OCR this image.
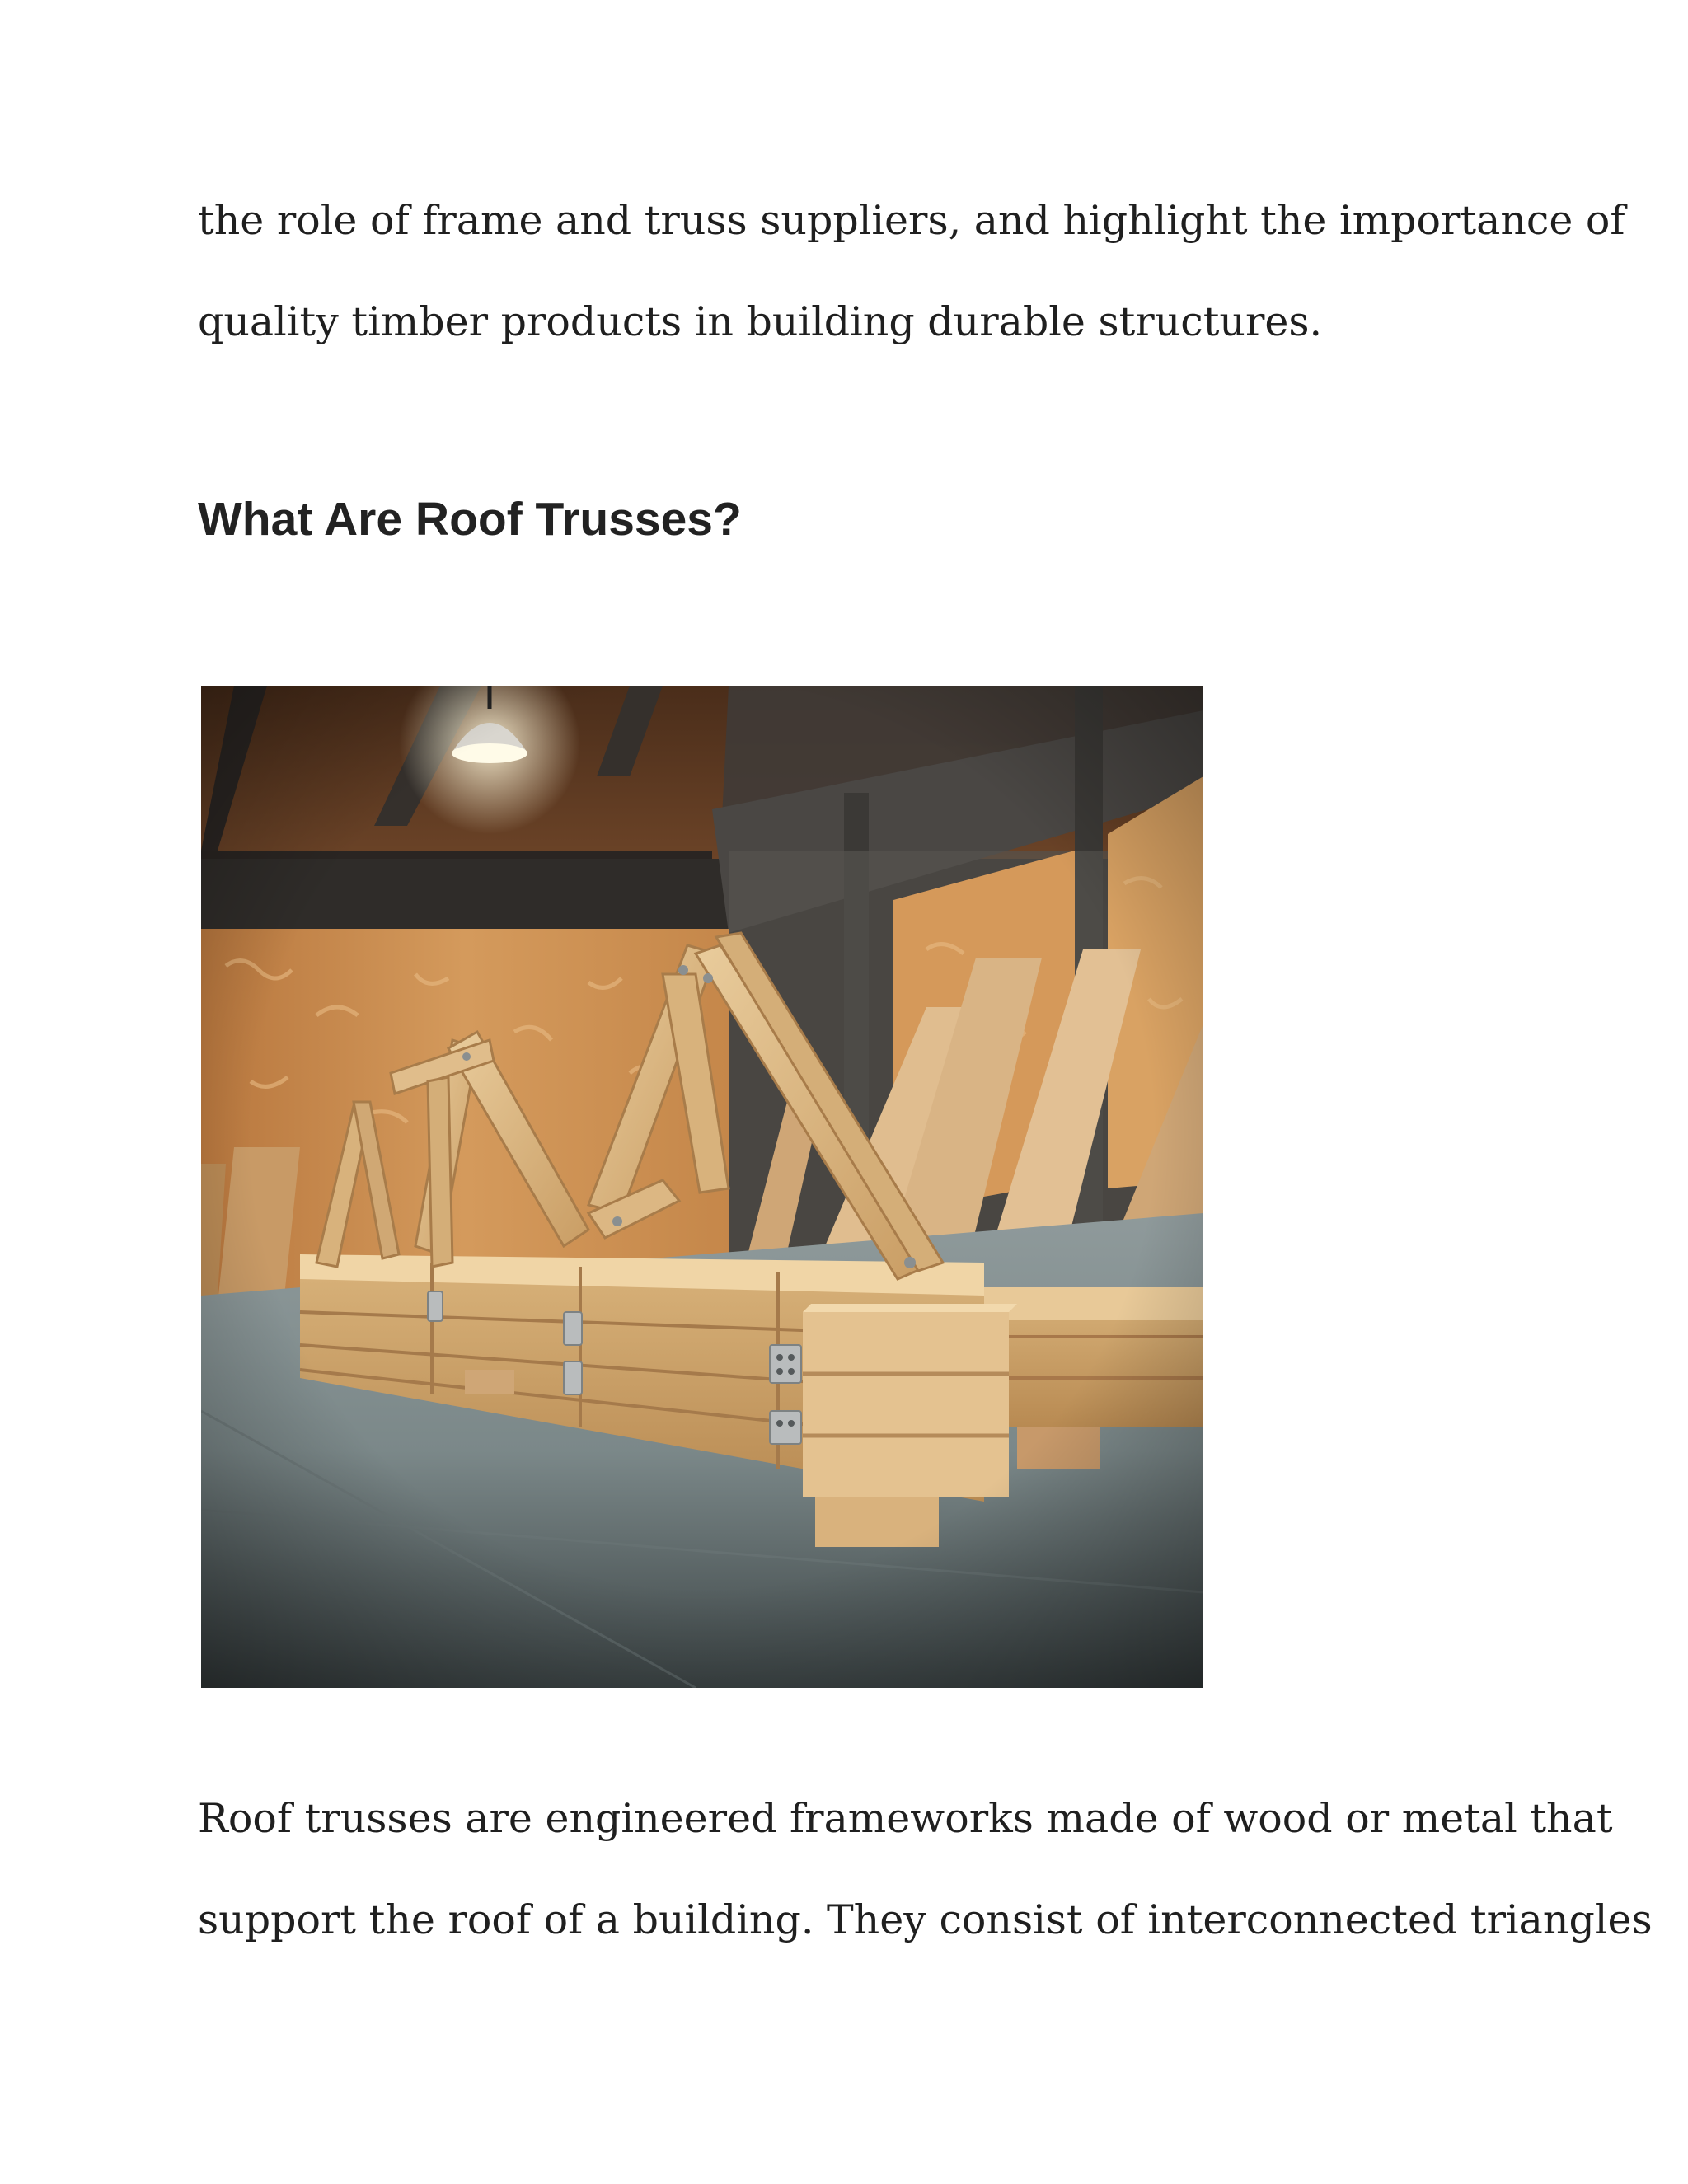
the role of frame and truss suppliers, and highlight the importance of
quality timber products in building durable structures.
What Are Roof Trusses?
Roof trusses are engineered frameworks made of wood or metal that
support the roof of a building. They consist of interconnected triangles
